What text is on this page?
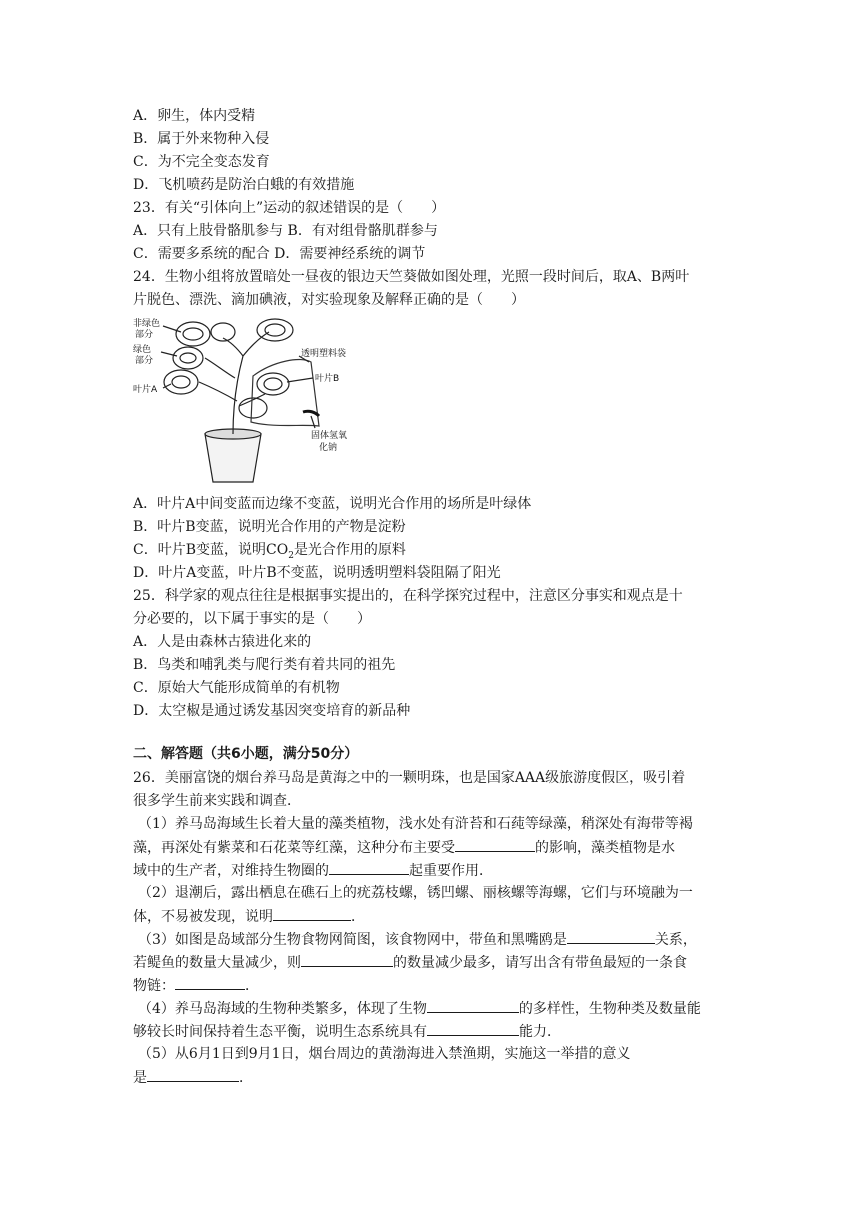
A．卵生，体内受精
B．属于外来物种入侵
C．为不完全变态发育
D．飞机喷药是防治白蛾的有效措施
23．有关“引体向上”运动的叙述错误的是（　　）
A．只有上肢骨骼肌参与 B．有对组骨骼肌群参与
C．需要多系统的配合 D．需要神经系统的调节
24．生物小组将放置暗处一昼夜的银边天竺葵做如图处理，光照一段时间后，取A、B两叶
片脱色、漂洗、滴加碘液，对实验现象及解释正确的是（　　）
非绿色
部分
绿色
部分
叶片A
透明塑料袋
叶片B
固体氢氧
化钠
A．叶片A中间变蓝而边缘不变蓝，说明光合作用的场所是叶绿体
B．叶片B变蓝，说明光合作用的产物是淀粉
C．叶片B变蓝，说明$CO_2$是光合作用的原料
D．叶片A变蓝，叶片B不变蓝，说明透明塑料袋阻隔了阳光
25．科学家的观点往往是根据事实提出的，在科学探究过程中，注意区分事实和观点是十
分必要的，以下属于事实的是（　　）
A．人是由森林古猿进化来的
B．鸟类和哺乳类与爬行类有着共同的祖先
C．原始大气能形成简单的有机物
D．太空椒是通过诱发基因突变培育的新品种
二、解答题（共6小题，满分50分）
26．美丽富饶的烟台养马岛是黄海之中的一颗明珠，也是国家AAA级旅游度假区，吸引着
很多学生前来实践和调查．
（1）养马岛海域生长着大量的藻类植物，浅水处有浒苔和石莼等绿藻，稍深处有海带等褐
藻，再深处有紫菜和石花菜等红藻，这种分布主要受	的影响，藻类植物是水
域中的生产者，对维持生物圈的	起重要作用．
（2）退潮后，露出栖息在礁石上的疣荔枝螺，锈凹螺、丽核螺等海螺，它们与环境融为一
体，不易被发现，说明	．
（3）如图是岛域部分生物食物网简图，该食物网中，带鱼和黑嘴鸥是	关系，
若鳀鱼的数量大量减少，则	的数量减少最多，请写出含有带鱼最短的一条食
物链：	．
（4）养马岛海域的生物种类繁多，体现了生物	的多样性，生物种类及数量能
够较长时间保持着生态平衡，说明生态系统具有	能力．
（5）从6月1日到9月1日，烟台周边的黄渤海进入禁渔期，实施这一举措的意义
是	．
